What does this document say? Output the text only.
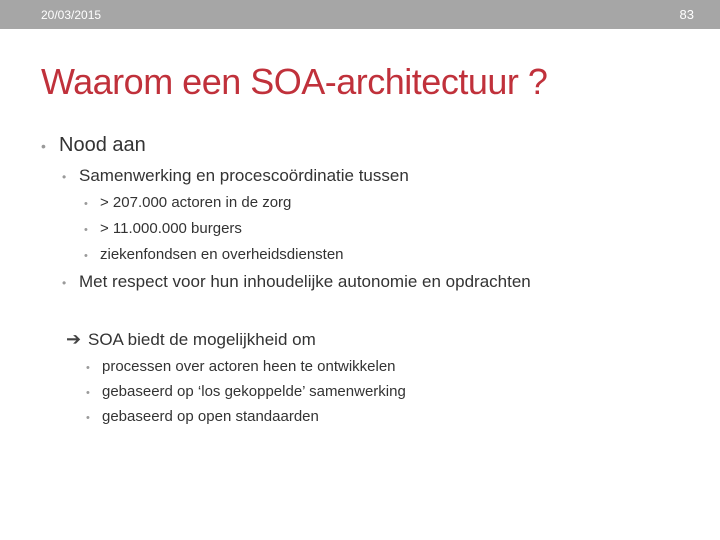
20/03/2015	83
Waarom een SOA-architectuur ?
• Nood aan
• Samenwerking en procescoördinatie tussen
• > 207.000 actoren in de zorg
• > 11.000.000 burgers
• ziekenfondsen en overheidsdiensten
• Met respect voor hun inhoudelijke autonomie en opdrachten
➔ SOA biedt de mogelijkheid om
• processen over actoren heen te ontwikkelen
• gebaseerd op ‘los gekoppelde’ samenwerking
• gebaseerd op open standaarden
